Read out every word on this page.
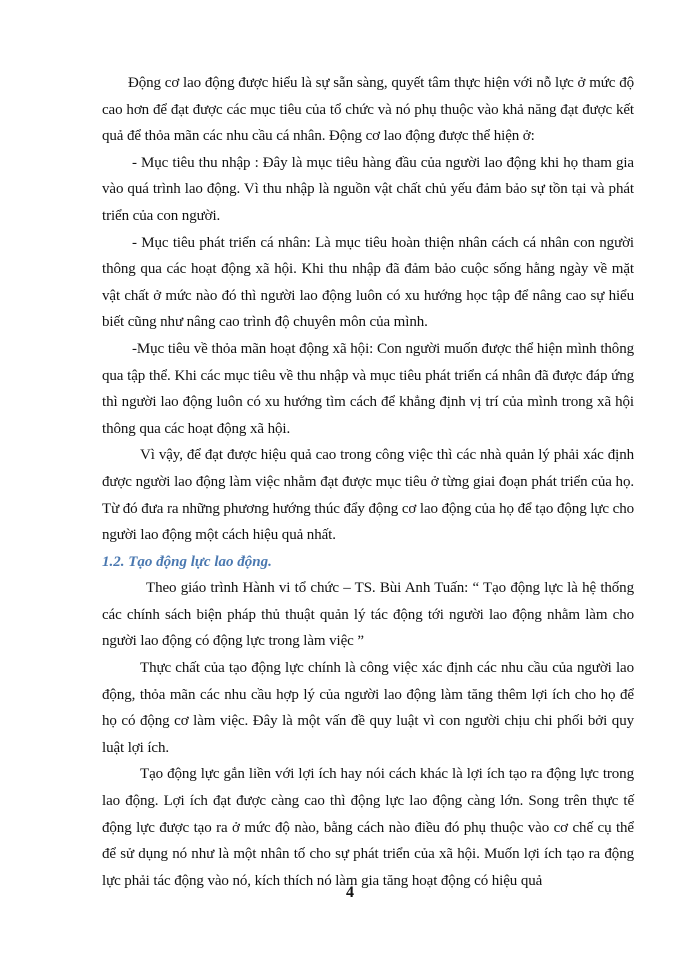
Động cơ lao động được hiểu là sự sẵn sàng, quyết tâm thực hiện với nỗ lực ở mức độ cao hơn để đạt được các mục tiêu của tổ chức và nó phụ thuộc vào khả năng đạt được kết quả để thỏa mãn các nhu cầu cá nhân. Động cơ lao động được thể hiện ở:

- Mục tiêu thu nhập : Đây là mục tiêu hàng đầu của người lao động khi họ tham gia vào quá trình lao động. Vì thu nhập là nguồn vật chất chủ yếu đảm bảo sự tồn tại và phát triển của con người.

- Mục tiêu phát triển cá nhân: Là mục tiêu hoàn thiện nhân cách cá nhân con người thông qua các hoạt động xã hội. Khi thu nhập đã đảm bảo cuộc sống hằng ngày về mặt vật chất ở mức nào đó thì người lao động luôn có xu hướng học tập để nâng cao sự hiểu biết cũng như nâng cao trình độ chuyên môn của mình.

-Mục tiêu về thỏa mãn hoạt động xã hội: Con người muốn được thể hiện mình thông qua tập thể. Khi các mục tiêu về thu nhập và mục tiêu phát triển cá nhân đã được đáp ứng thì người lao động luôn có xu hướng tìm cách để khẳng định vị trí của mình trong xã hội thông qua các hoạt động xã hội.

Vì vậy, để đạt được hiệu quả cao trong công việc thì các nhà quản lý phải xác định được người lao động làm việc nhằm đạt được mục tiêu ở từng giai đoạn phát triển của họ. Từ đó đưa ra những phương hướng thúc đẩy động cơ lao động của họ để tạo động lực cho người lao động một cách hiệu quả nhất.

1.2. Tạo động lực lao động.

Theo giáo trình Hành vi tổ chức – TS. Bùi Anh Tuấn: “ Tạo động lực là hệ thống các chính sách biện pháp thủ thuật quản lý tác động tới người lao động nhằm làm cho người lao động có động lực trong làm việc ”

Thực chất của tạo động lực chính là công việc xác định các nhu cầu của người lao động, thỏa mãn các nhu cầu hợp lý của người lao động làm tăng thêm lợi ích cho họ để họ có động cơ làm việc. Đây là một vấn đề quy luật vì con người chịu chi phối bởi quy luật lợi ích.

Tạo động lực gắn liền với lợi ích hay nói cách khác là lợi ích tạo ra động lực trong lao động. Lợi ích đạt được càng cao thì động lực lao động càng lớn. Song trên thực tế động lực được tạo ra ở mức độ nào, bằng cách nào điều đó phụ thuộc vào cơ chế cụ thể để sử dụng nó như là một nhân tố cho sự phát triển của xã hội. Muốn lợi ích tạo ra động lực phải tác động vào nó, kích thích nó làm gia tăng hoạt động có hiệu quả

4
